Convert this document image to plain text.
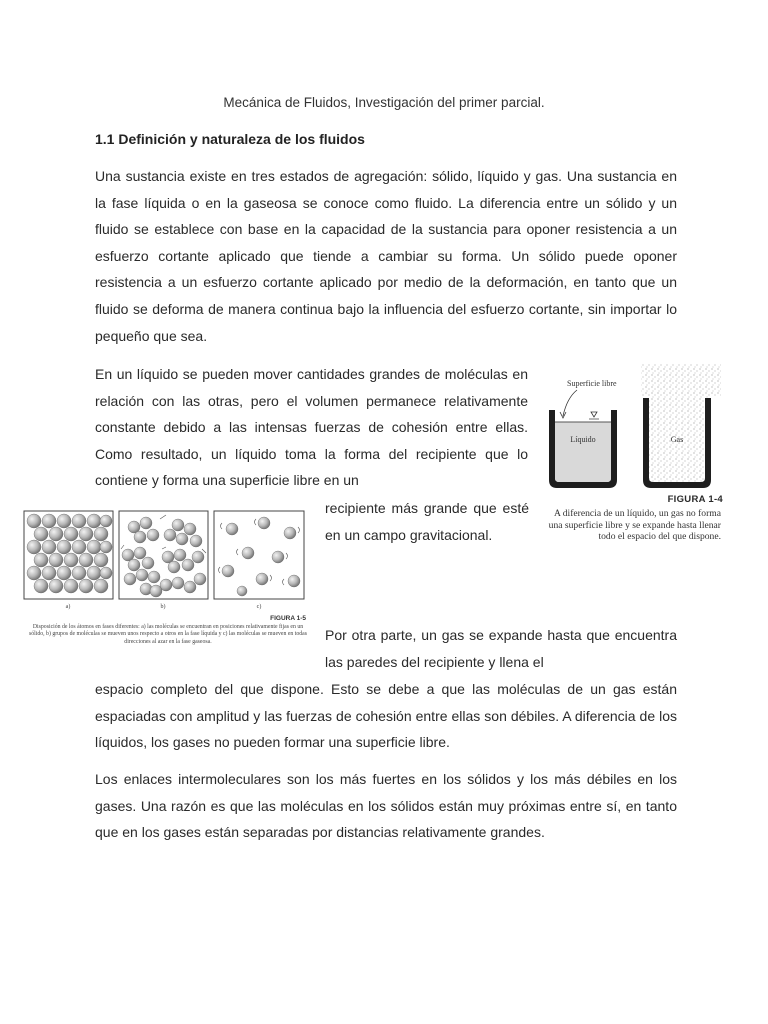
Mecánica de Fluidos, Investigación del primer parcial.
1.1 Definición y naturaleza de los fluidos

Una sustancia existe en tres estados de agregación: sólido, líquido y gas. Una sustancia en la fase líquida o en la gaseosa se conoce como fluido. La diferencia entre un sólido y un fluido se establece con base en la capacidad de la sustancia para oponer resistencia a un esfuerzo cortante aplicado que tiende a cambiar su forma. Un sólido puede oponer resistencia a un esfuerzo cortante aplicado por medio de la deformación, en tanto que un fluido se deforma de manera continua bajo la influencia del esfuerzo cortante, sin importar lo pequeño que sea.

En un líquido se pueden mover cantidades grandes de moléculas en relación con las otras, pero el volumen permanece relativamente constante debido a las intensas fuerzas de cohesión entre ellas. Como resultado, un líquido toma la forma del recipiente que lo contiene y forma una superficie libre en un

recipiente más grande que esté en un campo gravitacional.

Por otra parte, un gas se expande hasta que encuentra las paredes del recipiente y llena el

espacio completo del que dispone. Esto se debe a que las moléculas de un gas están espaciadas con amplitud y las fuerzas de cohesión entre ellas son débiles. A diferencia de los líquidos, los gases no pueden formar una superficie libre.

Los enlaces intermoleculares son los más fuertes en los sólidos y los más débiles en los gases. Una razón es que las moléculas en los sólidos están muy próximas entre sí, en tanto que en los gases están separadas por distancias relativamente grandes.

Superficie libre
Líquido	Gas
FIGURA 1-4
A diferencia de un líquido, un gas no forma una superficie libre y se expande hasta llenar todo el espacio del que dispone.
a)	b)	c)
FIGURA 1-5
Disposición de los átomos en fases diferentes: a) las moléculas se encuentran en posiciones relativamente fijas en un sólido, b) grupos de moléculas se mueven unos respecto a otros en la fase líquida y c) las moléculas se mueven en todas direcciones al azar en la fase gaseosa.
